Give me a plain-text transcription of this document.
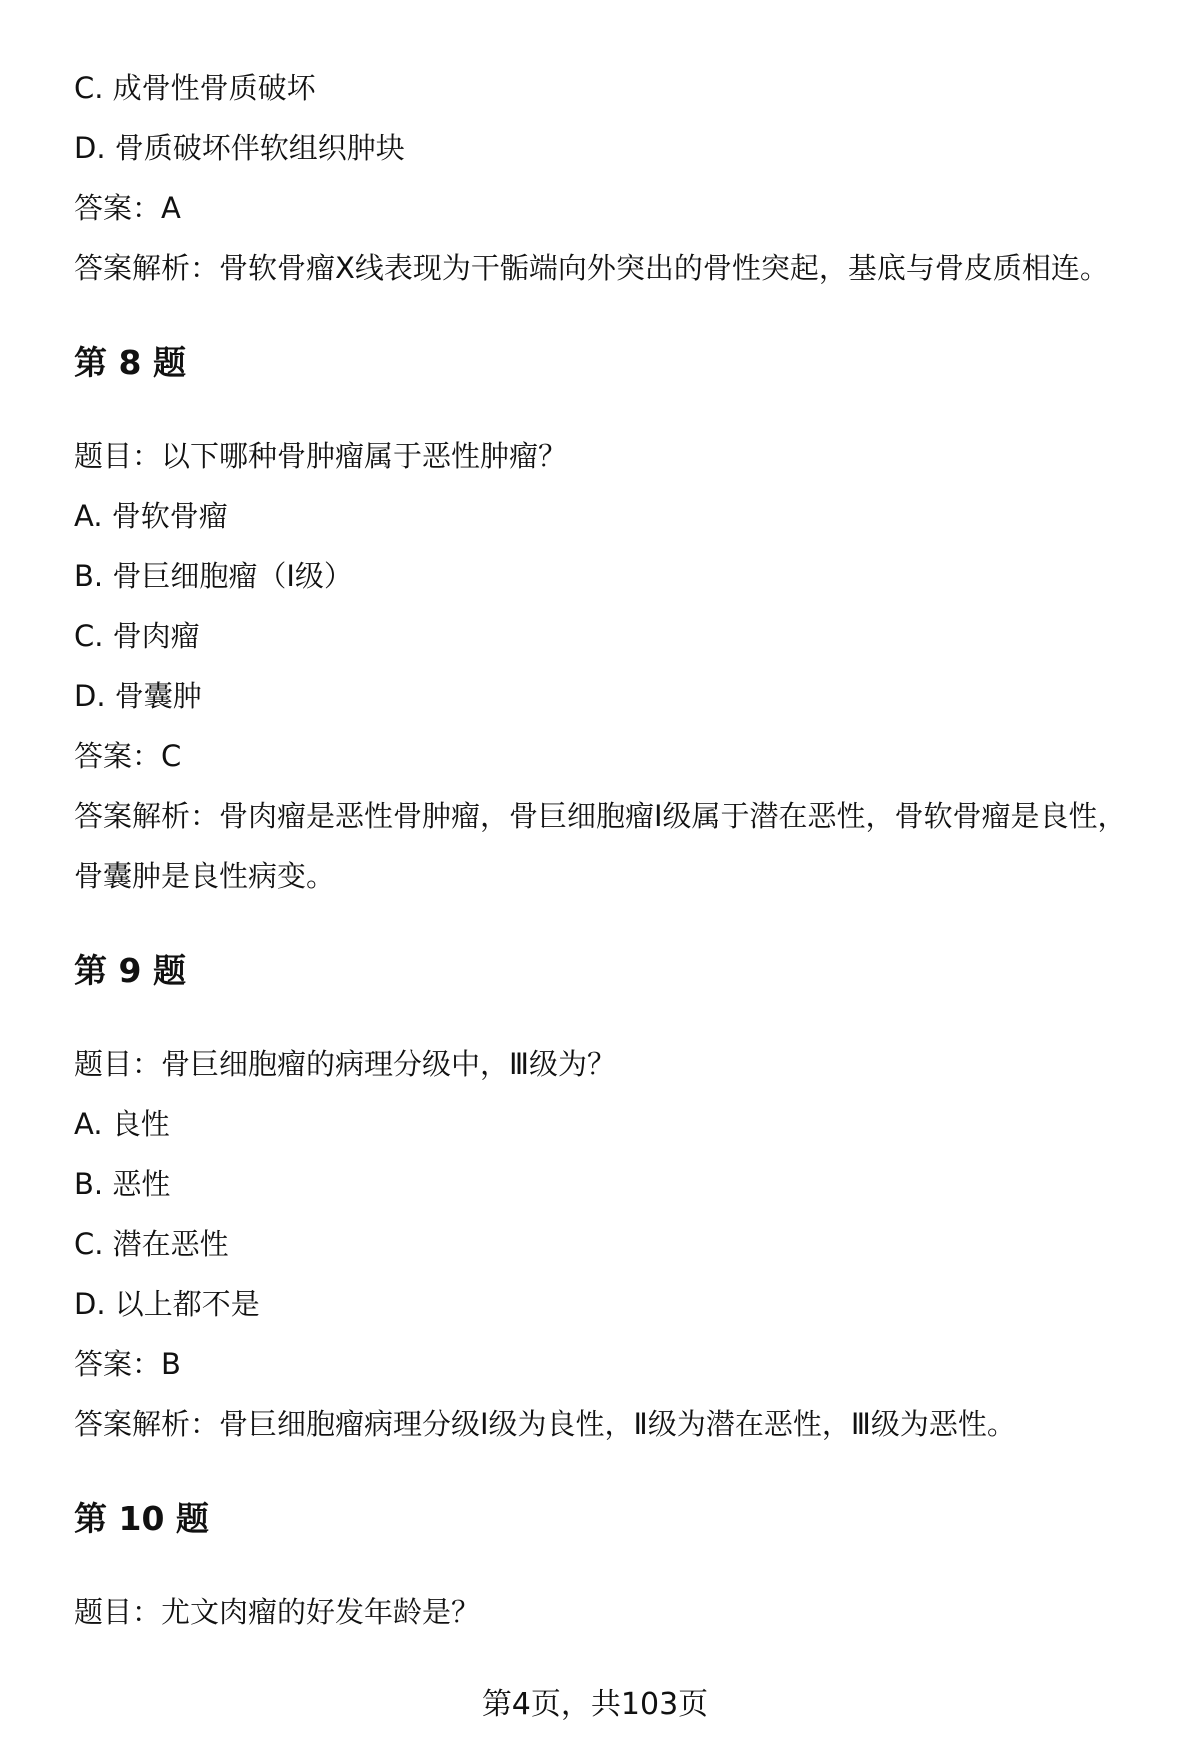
C. 成骨性骨质破坏

D. 骨质破坏伴软组织肿块

答案：A

答案解析：骨软骨瘤X线表现为干骺端向外突出的骨性突起，基底与骨皮质相连。

第 8 题

题目：以下哪种骨肿瘤属于恶性肿瘤？

A. 骨软骨瘤

B. 骨巨细胞瘤（Ⅰ级）

C. 骨肉瘤

D. 骨囊肿

答案：C

答案解析：骨肉瘤是恶性骨肿瘤，骨巨细胞瘤Ⅰ级属于潜在恶性，骨软骨瘤是良性，骨囊肿是良性病变。

第 9 题

题目：骨巨细胞瘤的病理分级中，Ⅲ级为？

A. 良性

B. 恶性

C. 潜在恶性

D. 以上都不是

答案：B

答案解析：骨巨细胞瘤病理分级Ⅰ级为良性，Ⅱ级为潜在恶性，Ⅲ级为恶性。

第 10 题

题目：尤文肉瘤的好发年龄是？

第4页，共103页
